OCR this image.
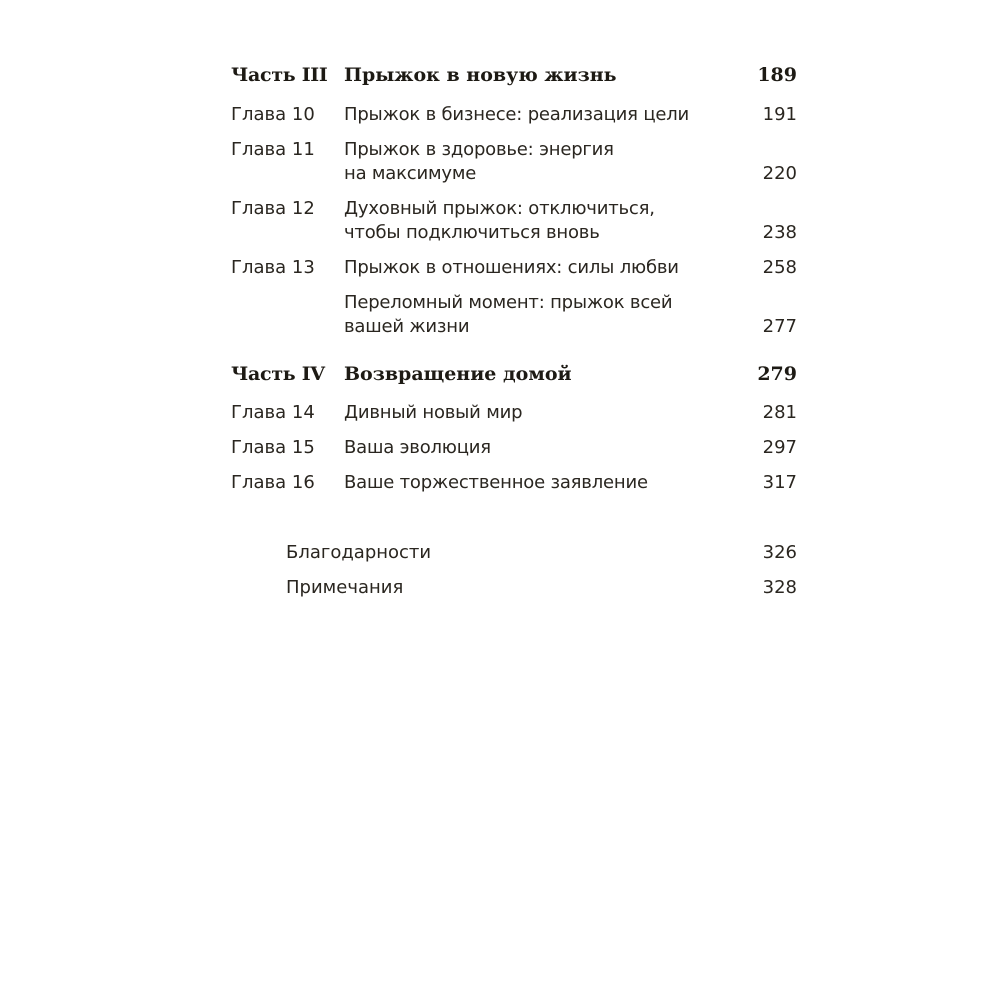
Часть III Прыжок в новую жизнь	189
Глава 10 Прыжок в бизнесе: реализация цели	191
Глава 11 Прыжок в здоровье: энергия
на максимуме	220
Глава 12 Духовный прыжок: отключиться,
чтобы подключиться вновь	238
Глава 13 Прыжок в отношениях: силы любви	258
Переломный момент: прыжок всей
вашей жизни	277
Часть IV Возвращение домой	279
Глава 14 Дивный новый мир	281
Глава 15 Ваша эволюция	297
Глава 16 Ваше торжественное заявление	317
Благодарности	326
Примечания	328
